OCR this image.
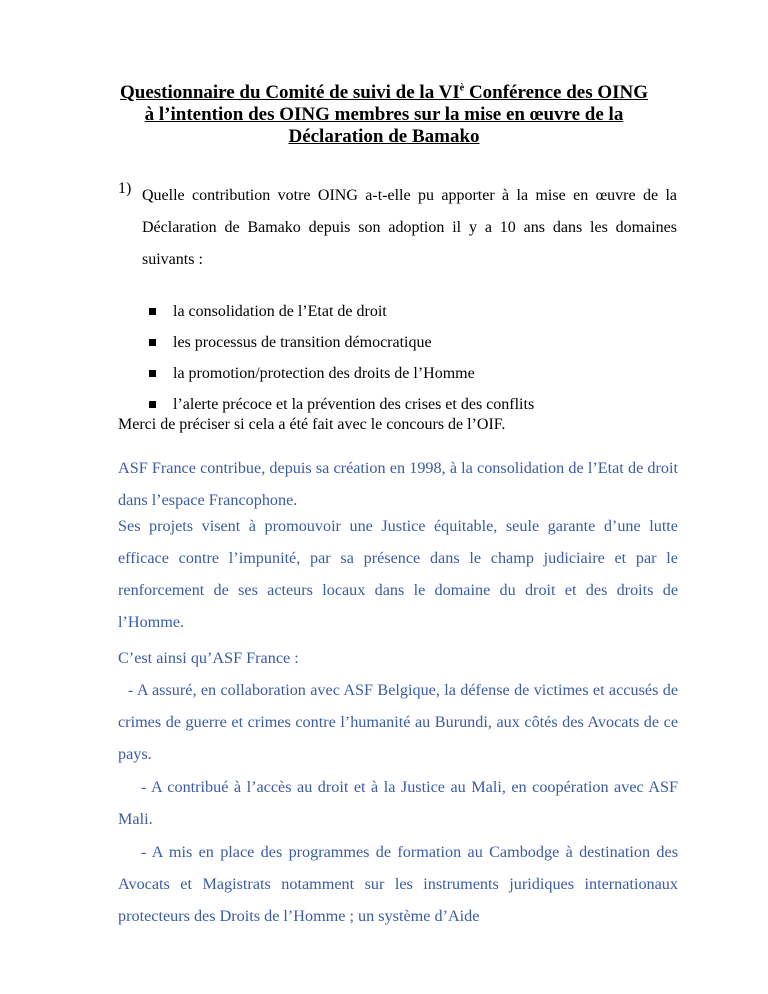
Questionnaire du Comité de suivi de la $VI^è$ Conférence des OING
à l’intention des OING membres sur la mise en œuvre de la
Déclaration de Bamako
1) Quelle contribution votre OING a-t-elle pu apporter à la mise en œuvre de la Déclaration de Bamako depuis son adoption il y a 10 ans dans les domaines suivants :
la consolidation de l’Etat de droit
les processus de transition démocratique
la promotion/protection des droits de l’Homme
l’alerte précoce et la prévention des crises et des conflits
Merci de préciser si cela a été fait avec le concours de l’OIF.

ASF France contribue, depuis sa création en 1998, à la consolidation de l’Etat de droit dans l’espace Francophone.

Ses projets visent à promouvoir une Justice équitable, seule garante d’une lutte efficace contre l’impunité, par sa présence dans le champ judiciaire et par le renforcement de ses acteurs locaux dans le domaine du droit et des droits de l’Homme.

C’est ainsi qu’ASF France :

- A assuré, en collaboration avec ASF Belgique, la défense de victimes et accusés de crimes de guerre et crimes contre l’humanité au Burundi, aux côtés des Avocats de ce pays.

- A contribué à l’accès au droit et à la Justice au Mali, en coopération avec ASF Mali.

- A mis en place des programmes de formation au Cambodge à destination des Avocats et Magistrats notamment sur les instruments juridiques internationaux protecteurs des Droits de l’Homme ; un système d’Aide
